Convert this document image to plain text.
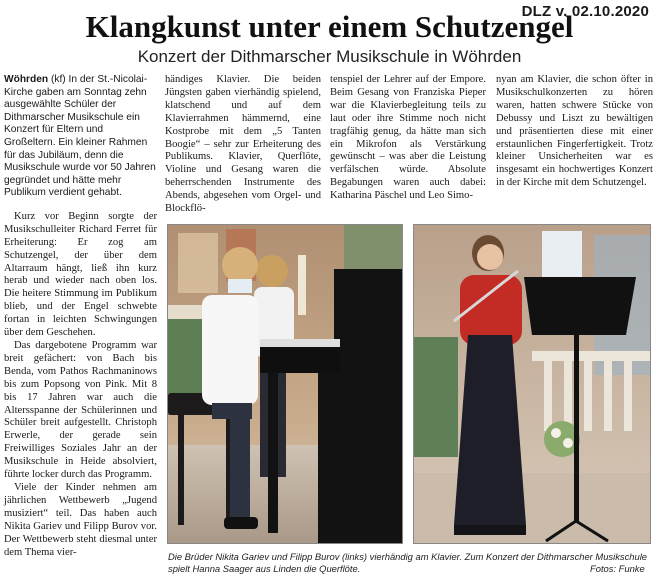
DLZ v. 02.10.2020
Klangkunst unter einem Schutzengel
Konzert der Dithmarscher Musikschule in Wöhrden

Wöhrden (kf) In der St.-Nicolai-Kirche gaben am Sonntag zehn ausgewählte Schüler der Dithmarscher Musikschule ein Konzert für Eltern und Großeltern. Ein kleiner Rahmen für das Jubiläum, denn die Musikschule wurde vor 50 Jahren gegründet und hätte mehr Publikum verdient gehabt.

Kurz vor Beginn sorgte der Musikschulleiter Richard Ferret für Erheiterung: Er zog am Schutzengel, der über dem Altarraum hängt, ließ ihn kurz herab und wieder nach oben los. Die heitere Stimmung im Publikum blieb, und der Engel schwebte fortan in leichten Schwingungen über dem Geschehen.

Das dargebotene Programm war breit gefächert: von Bach bis Benda, vom Pathos Rachmaninows bis zum Popsong von Pink. Mit 8 bis 17 Jahren war auch die Altersspanne der Schülerinnen und Schüler breit aufgestellt. Christoph Erwerle, der gerade sein Freiwilliges Soziales Jahr an der Musikschule in Heide absolviert, führte locker durch das Programm.

Viele der Kinder nehmen am jährlichen Wettbewerb „Jugend musiziert“ teil. Das haben auch Nikita Gariev und Filipp Burov vor. Der Wettbewerb steht diesmal unter dem Thema vier-

händiges Klavier. Die beiden Jüngsten gaben vierhändig spielend, klatschend und auf dem Klavierrahmen hämmernd, eine Kostprobe mit dem „5 Tanten Boogie“ – sehr zur Erheiterung des Publikums. Klavier, Querflöte, Violine und Gesang waren die beherrschenden Instrumente des Abends, abgesehen vom Orgel- und Blockflö-

tenspiel der Lehrer auf der Empore. Beim Gesang von Franziska Pieper war die Klavierbegleitung teils zu laut oder ihre Stimme noch nicht tragfähig genug, da hätte man sich ein Mikrofon als Verstärkung gewünscht – was aber die Leistung verfälschen würde. Absolute Begabungen waren auch dabei: Katharina Päschel und Leo Simo-

nyan am Klavier, die schon öfter in Musikschulkonzerten zu hören waren, hatten schwere Stücke von Debussy und Liszt zu bewältigen und präsentierten diese mit einer erstaunlichen Fingerfertigkeit. Trotz kleiner Unsicherheiten war es insgesamt ein hochwertiges Konzert in der Kirche mit dem Schutzengel.

Die Brüder Nikita Gariev und Filipp Burov (links) vierhändig am Klavier. Zum Konzert der Dithmarscher Musikschule spielt Hanna Saager aus Linden die Querflöte.	Fotos: Funke
